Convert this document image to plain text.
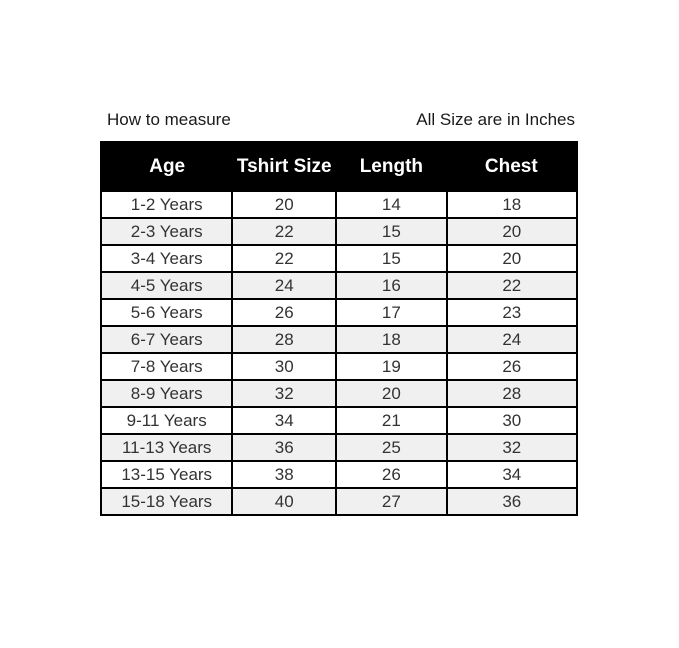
How to measure	All Size are in Inches
Age	Tshirt Size	Length	Chest
1-2 Years	20	14	18
2-3 Years	22	15	20
3-4 Years	22	15	20
4-5 Years	24	16	22
5-6 Years	26	17	23
6-7 Years	28	18	24
7-8 Years	30	19	26
8-9 Years	32	20	28
9-11 Years	34	21	30
11-13 Years	36	25	32
13-15 Years	38	26	34
15-18 Years	40	27	36
